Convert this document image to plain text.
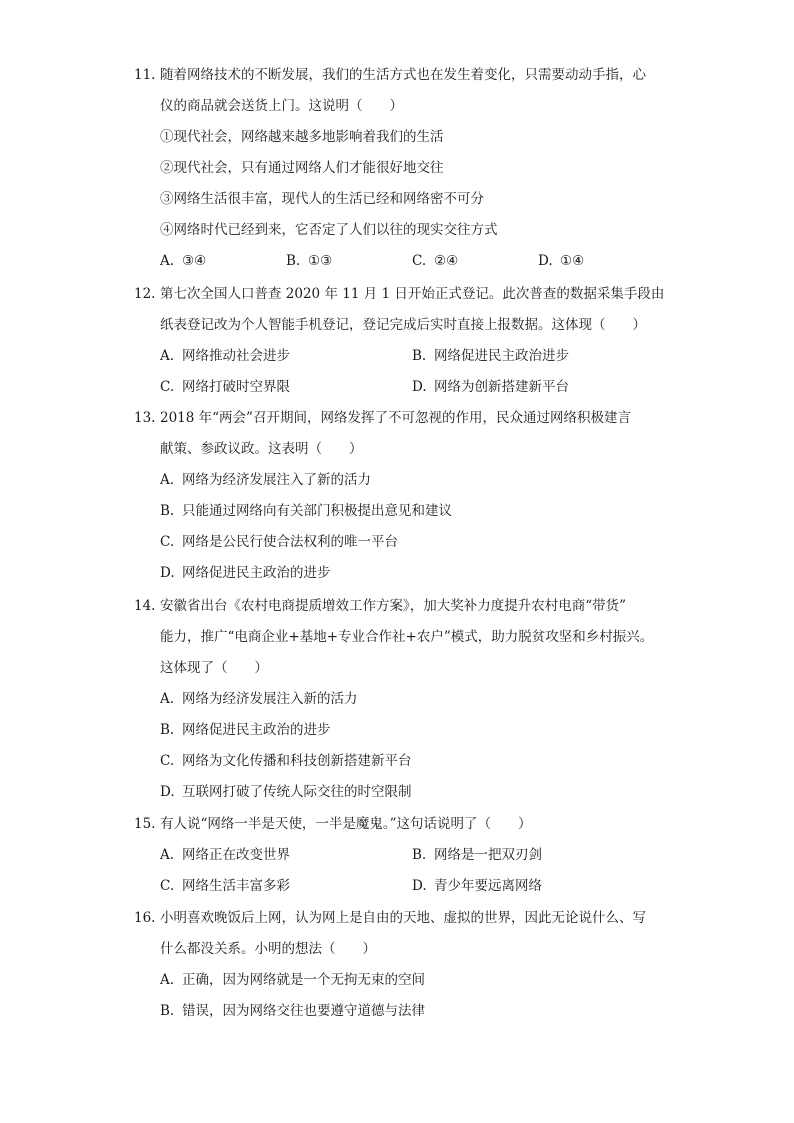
11. 随着网络技术的不断发展，我们的生活方式也在发生着变化，只需要动动手指，心
仪的商品就会送货上门。这说明（　　）
①现代社会，网络越来越多地影响着我们的生活
②现代社会，只有通过网络人们才能很好地交往
③网络生活很丰富，现代人的生活已经和网络密不可分
④网络时代已经到来，它否定了人们以往的现实交往方式
A. ③④	B. ①③	C. ②④	D. ①④
12. 第七次全国人口普查 2020 年 11 月 1 日开始正式登记。此次普查的数据采集手段由
纸表登记改为个人智能手机登记，登记完成后实时直接上报数据。这体现（　　）
A. 网络推动社会进步	B. 网络促进民主政治进步
C. 网络打破时空界限	D. 网络为创新搭建新平台
13. 2018 年“两会”召开期间，网络发挥了不可忽视的作用，民众通过网络积极建言
献策、参政议政。这表明（　　）
A. 网络为经济发展注入了新的活力
B. 只能通过网络向有关部门积极提出意见和建议
C. 网络是公民行使合法权利的唯一平台
D. 网络促进民主政治的进步
14. 安徽省出台《农村电商提质增效工作方案》，加大奖补力度提升农村电商“带货”
能力，推广“电商企业+基地+专业合作社+农户”模式，助力脱贫攻坚和乡村振兴。
这体现了（　　）
A. 网络为经济发展注入新的活力
B. 网络促进民主政治的进步
C. 网络为文化传播和科技创新搭建新平台
D. 互联网打破了传统人际交往的时空限制
15. 有人说“网络一半是天使，一半是魔鬼。”这句话说明了（　　）
A. 网络正在改变世界	B. 网络是一把双刃剑
C. 网络生活丰富多彩	D. 青少年要远离网络
16. 小明喜欢晚饭后上网，认为网上是自由的天地、虚拟的世界，因此无论说什么、写
什么都没关系。小明的想法（　　）
A. 正确，因为网络就是一个无拘无束的空间
B. 错误，因为网络交往也要遵守道德与法律
